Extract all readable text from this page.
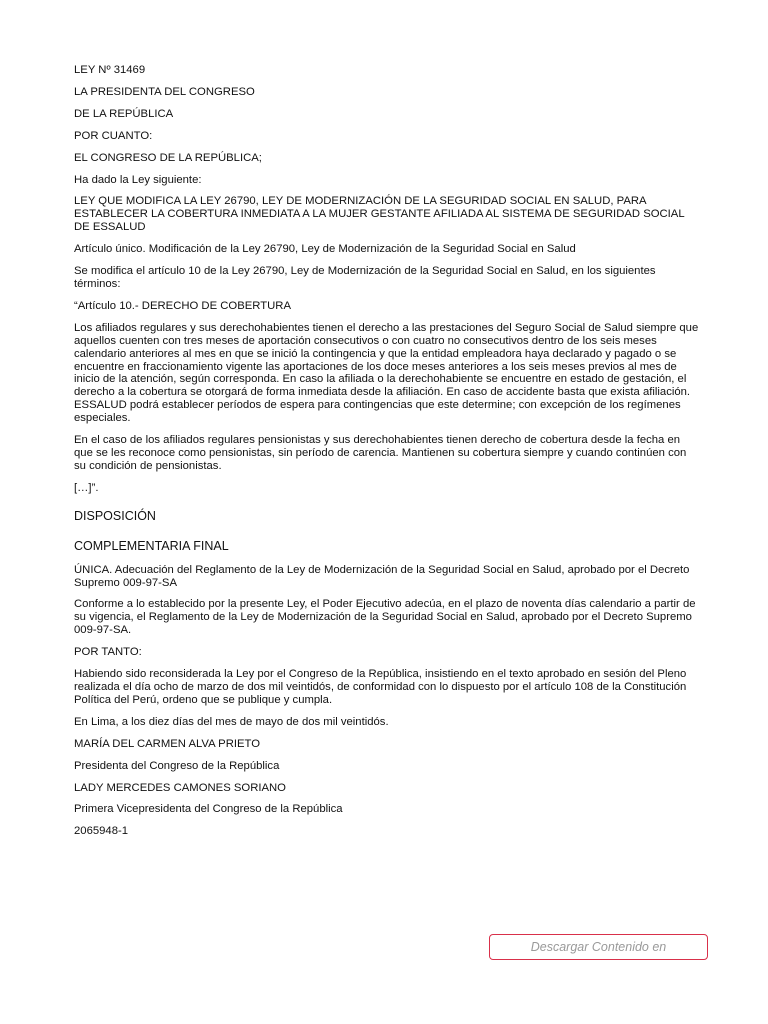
LEY Nº 31469

LA PRESIDENTA DEL CONGRESO

DE LA REPÚBLICA

POR CUANTO:

EL CONGRESO DE LA REPÚBLICA;

Ha dado la Ley siguiente:

LEY QUE MODIFICA LA LEY 26790, LEY DE MODERNIZACIÓN DE LA SEGURIDAD SOCIAL EN SALUD, PARA ESTABLECER LA COBERTURA INMEDIATA A LA MUJER GESTANTE AFILIADA AL SISTEMA DE SEGURIDAD SOCIAL DE ESSALUD

Artículo único. Modificación de la Ley 26790, Ley de Modernización de la Seguridad Social en Salud

Se modifica el artículo 10 de la Ley 26790, Ley de Modernización de la Seguridad Social en Salud, en los siguientes términos:

“Artículo 10.- DERECHO DE COBERTURA

Los afiliados regulares y sus derechohabientes tienen el derecho a las prestaciones del Seguro Social de Salud siempre que aquellos cuenten con tres meses de aportación consecutivos o con cuatro no consecutivos dentro de los seis meses calendario anteriores al mes en que se inició la contingencia y que la entidad empleadora haya declarado y pagado o se encuentre en fraccionamiento vigente las aportaciones de los doce meses anteriores a los seis meses previos al mes de inicio de la atención, según corresponda. En caso la afiliada o la derechohabiente se encuentre en estado de gestación, el derecho a la cobertura se otorgará de forma inmediata desde la afiliación. En caso de accidente basta que exista afiliación. ESSALUD podrá establecer períodos de espera para contingencias que este determine; con excepción de los regímenes especiales.

En el caso de los afiliados regulares pensionistas y sus derechohabientes tienen derecho de cobertura desde la fecha en que se les reconoce como pensionistas, sin período de carencia. Mantienen su cobertura siempre y cuando continúen con su condición de pensionistas.

[…]”.

DISPOSICIÓN

COMPLEMENTARIA FINAL

ÚNICA. Adecuación del Reglamento de la Ley de Modernización de la Seguridad Social en Salud, aprobado por el Decreto Supremo 009-97-SA

Conforme a lo establecido por la presente Ley, el Poder Ejecutivo adecúa, en el plazo de noventa días calendario a partir de su vigencia, el Reglamento de la Ley de Modernización de la Seguridad Social en Salud, aprobado por el Decreto Supremo 009-97-SA.

POR TANTO:

Habiendo sido reconsiderada la Ley por el Congreso de la República, insistiendo en el texto aprobado en sesión del Pleno realizada el día ocho de marzo de dos mil veintidós, de conformidad con lo dispuesto por el artículo 108 de la Constitución Política del Perú, ordeno que se publique y cumpla.

En Lima, a los diez días del mes de mayo de dos mil veintidós.

MARÍA DEL CARMEN ALVA PRIETO

Presidenta del Congreso de la República

LADY MERCEDES CAMONES SORIANO

Primera Vicepresidenta del Congreso de la República

2065948-1

Descargar Contenido en
